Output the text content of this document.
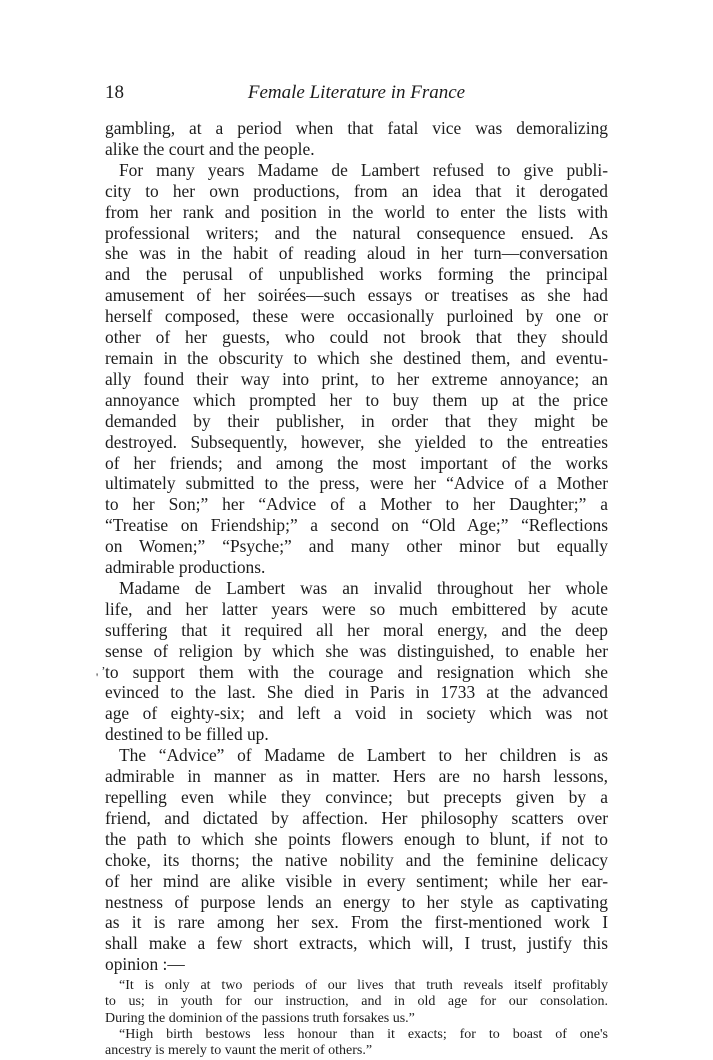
18	Female Literature in France
gambling, at a period when that fatal vice was demoralizing
alike the court and the people.
For many years Madame de Lambert refused to give publi-
city to her own productions, from an idea that it derogated
from her rank and position in the world to enter the lists with
professional writers; and the natural consequence ensued. As
she was in the habit of reading aloud in her turn—conversation
and the perusal of unpublished works forming the principal
amusement of her soirées—such essays or treatises as she had
herself composed, these were occasionally purloined by one or
other of her guests, who could not brook that they should
remain in the obscurity to which she destined them, and eventu-
ally found their way into print, to her extreme annoyance; an
annoyance which prompted her to buy them up at the price
demanded by their publisher, in order that they might be
destroyed. Subsequently, however, she yielded to the entreaties
of her friends; and among the most important of the works
ultimately submitted to the press, were her “Advice of a Mother
to her Son;” her “Advice of a Mother to her Daughter;” a
“Treatise on Friendship;” a second on “Old Age;” “Reflections
on Women;” “Psyche;” and many other minor but equally
admirable productions.
Madame de Lambert was an invalid throughout her whole
life, and her latter years were so much embittered by acute
suffering that it required all her moral energy, and the deep
sense of religion by which she was distinguished, to enable her
to support them with the courage and resignation which she
evinced to the last. She died in Paris in 1733 at the advanced
age of eighty-six; and left a void in society which was not
destined to be filled up.
The “Advice” of Madame de Lambert to her children is as
admirable in manner as in matter. Hers are no harsh lessons,
repelling even while they convince; but precepts given by a
friend, and dictated by affection. Her philosophy scatters over
the path to which she points flowers enough to blunt, if not to
choke, its thorns; the native nobility and the feminine delicacy
of her mind are alike visible in every sentiment; while her ear-
nestness of purpose lends an energy to her style as captivating
as it is rare among her sex. From the first-mentioned work I
shall make a few short extracts, which will, I trust, justify this
opinion :—
“It is only at two periods of our lives that truth reveals itself profitably
to us; in youth for our instruction, and in old age for our consolation.
During the dominion of the passions truth forsakes us.”
“High birth bestows less honour than it exacts; for to boast of one's
ancestry is merely to vaunt the merit of others.”
,
'
